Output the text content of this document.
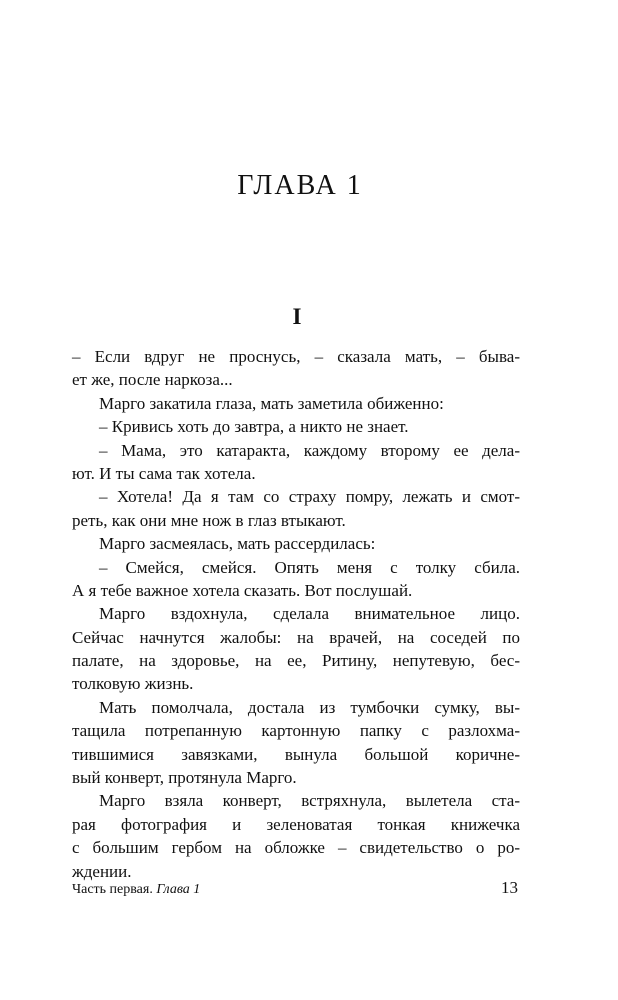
ГЛАВА 1
I
– Если вдруг не проснусь, – сказала мать, – быва-
ет же, после наркоза...
Марго закатила глаза, мать заметила обиженно:
– Кривись хоть до завтра, а никто не знает.
– Мама, это катаракта, каждому второму ее дела-
ют. И ты сама так хотела.
– Хотела! Да я там со страху помру, лежать и смот-
реть, как они мне нож в глаз втыкают.
Марго засмеялась, мать рассердилась:
– Смейся, смейся. Опять меня с толку сбила.
А я тебе важное хотела сказать. Вот послушай.
Марго вздохнула, сделала внимательное лицо.
Сейчас начнутся жалобы: на врачей, на соседей по
палате, на здоровье, на ее, Ритину, непутевую, бес-
толковую жизнь.
Мать помолчала, достала из тумбочки сумку, вы-
тащила потрепанную картонную папку с разлохма-
тившимися завязками, вынула большой коричне-
вый конверт, протянула Марго.
Марго взяла конверт, встряхнула, вылетела ста-
рая фотография и зеленоватая тонкая книжечка
с большим гербом на обложке – свидетельство о ро-
ждении.
Часть первая. Глава 1	13
